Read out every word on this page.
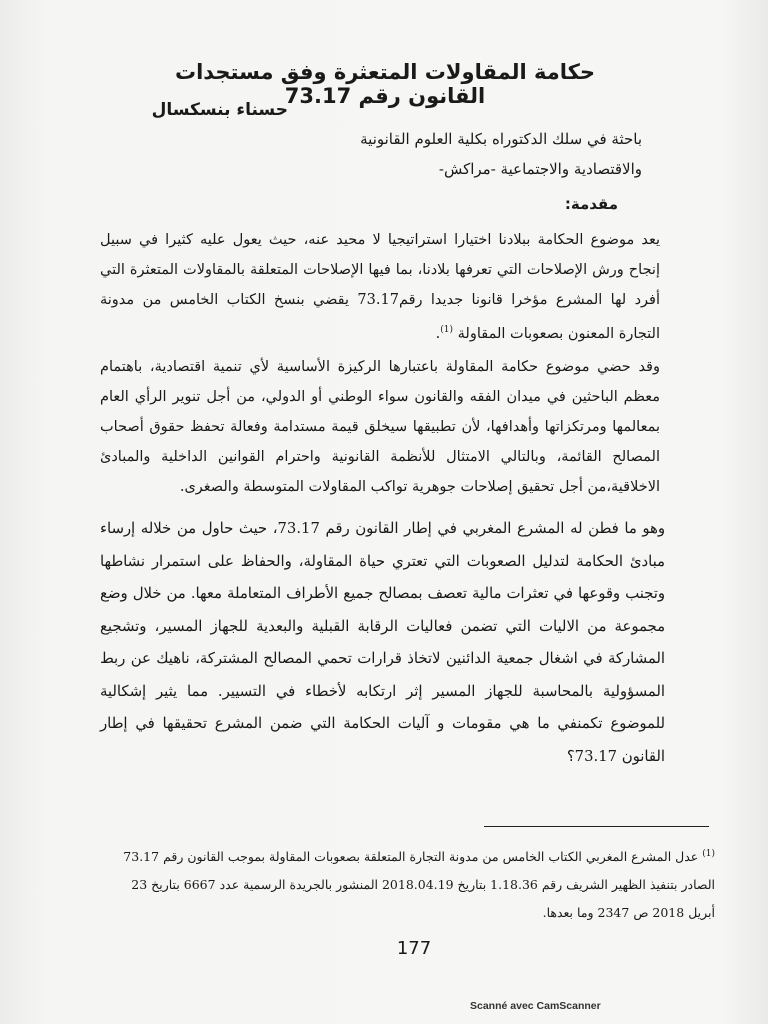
حكامة المقاولات المتعثرة وفق مستجدات القانون رقم 73.17
حسناء بنسكسال
باحثة في سلك الدكتوراه بكلية العلوم القانونية
والاقتصادية والاجتماعية -مراكش-
مقدمة:
يعد موضوع الحكامة ببلادنا اختيارا استراتيجيا لا محيد عنه، حيث يعول عليه كثيرا في سبيل إنجاح ورش الإصلاحات التي تعرفها بلادنا، بما فيها الإصلاحات المتعلقة بالمقاولات المتعثرة التي أفرد لها المشرع مؤخرا قانونا جديدا رقم73.17 يقضي بنسخ الكتاب الخامس من مدونة التجارة المعنون بصعوبات المقاولة $^{(1)}$.
وقد حضي موضوع حكامة المقاولة باعتبارها الركيزة الأساسية لأي تنمية اقتصادية، باهتمام معظم الباحثين في ميدان الفقه والقانون سواء الوطني أو الدولي، من أجل تنوير الرأي العام بمعالمها ومرتكزاتها وأهدافها، لأن تطبيقها سيخلق قيمة مستدامة وفعالة تحفظ حقوق أصحاب المصالح القائمة، وبالتالي الامتثال للأنظمة القانونية واحترام القوانين الداخلية والمبادئ الاخلاقية،من أجل تحقيق إصلاحات جوهرية تواكب المقاولات المتوسطة والصغرى.
وهو ما فطن له المشرع المغربي في إطار القانون رقم 73.17، حيث حاول من خلاله إرساء مبادئ الحكامة لتدليل الصعوبات التي تعتري حياة المقاولة، والحفاظ على استمرار نشاطها وتجنب وقوعها في تعثرات مالية تعصف بمصالح جميع الأطراف المتعاملة معها. من خلال وضع مجموعة من الاليات التي تضمن فعاليات الرقابة القبلية والبعدية للجهاز المسير، وتشجيع المشاركة في اشغال جمعية الدائنين لاتخاذ قرارات تحمي المصالح المشتركة، ناهيك عن ربط المسؤولية بالمحاسبة للجهاز المسير إثر ارتكابه لأخطاء في التسيير. مما يثير إشكالية للموضوع تكمنفي ما هي مقومات و آليات الحكامة التي ضمن المشرع تحقيقها في إطار القانون 73.17؟
$^{(1)}$ عدل المشرع المغربي الكتاب الخامس من مدونة التجارة المتعلقة بصعوبات المقاولة بموجب القانون رقم 73.17 الصادر بتنفيذ الظهير الشريف رقم 1.18.36 بتاريخ 2018.04.19 المنشور بالجريدة الرسمية عدد 6667 بتاريخ 23 أبريل 2018 ص 2347 وما بعدها.
177
Scanné avec CamScanner
